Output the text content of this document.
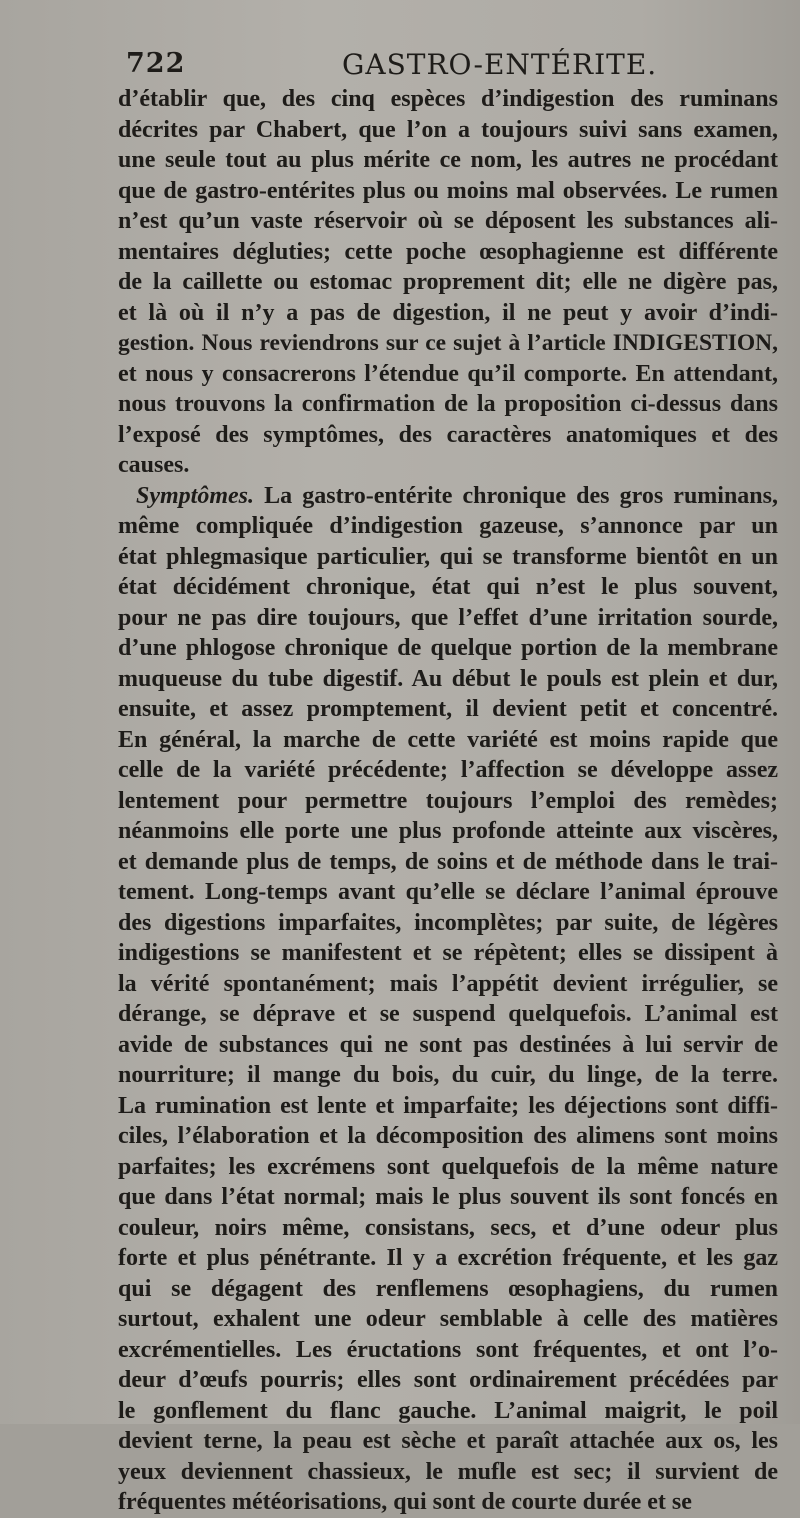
722	GASTRO-ENTÉRITE.
d’établir que, des cinq espèces d’indigestion des ruminans
décrites par Chabert, que l’on a toujours suivi sans examen,
une seule tout au plus mérite ce nom, les autres ne procédant
que de gastro-entérites plus ou moins mal observées. Le rumen
n’est qu’un vaste réservoir où se déposent les substances ali-
mentaires dégluties; cette poche œsophagienne est différente
de la caillette ou estomac proprement dit; elle ne digère pas,
et là où il n’y a pas de digestion, il ne peut y avoir d’indi-
gestion. Nous reviendrons sur ce sujet à l’article INDIGESTION,
et nous y consacrerons l’étendue qu’il comporte. En attendant,
nous trouvons la confirmation de la proposition ci-dessus dans
l’exposé des symptômes, des caractères anatomiques et des
causes.
Symptômes. La gastro-entérite chronique des gros ruminans,
même compliquée d’indigestion gazeuse, s’annonce par un
état phlegmasique particulier, qui se transforme bientôt en un
état décidément chronique, état qui n’est le plus souvent,
pour ne pas dire toujours, que l’effet d’une irritation sourde,
d’une phlogose chronique de quelque portion de la membrane
muqueuse du tube digestif. Au début le pouls est plein et dur,
ensuite, et assez promptement, il devient petit et concentré.
En général, la marche de cette variété est moins rapide que
celle de la variété précédente; l’affection se développe assez
lentement pour permettre toujours l’emploi des remèdes;
néanmoins elle porte une plus profonde atteinte aux viscères,
et demande plus de temps, de soins et de méthode dans le trai-
tement. Long-temps avant qu’elle se déclare l’animal éprouve
des digestions imparfaites, incomplètes; par suite, de légères
indigestions se manifestent et se répètent; elles se dissipent à
la vérité spontanément; mais l’appétit devient irrégulier, se
dérange, se déprave et se suspend quelquefois. L’animal est
avide de substances qui ne sont pas destinées à lui servir de
nourriture; il mange du bois, du cuir, du linge, de la terre.
La rumination est lente et imparfaite; les déjections sont diffi-
ciles, l’élaboration et la décomposition des alimens sont moins
parfaites; les excrémens sont quelquefois de la même nature
que dans l’état normal; mais le plus souvent ils sont foncés en
couleur, noirs même, consistans, secs, et d’une odeur plus
forte et plus pénétrante. Il y a excrétion fréquente, et les gaz
qui se dégagent des renflemens œsophagiens, du rumen
surtout, exhalent une odeur semblable à celle des matières
excrémentielles. Les éructations sont fréquentes, et ont l’o-
deur d’œufs pourris; elles sont ordinairement précédées par
le gonflement du flanc gauche. L’animal maigrit, le poil
devient terne, la peau est sèche et paraît attachée aux os, les
yeux deviennent chassieux, le mufle est sec; il survient de
fréquentes météorisations, qui sont de courte durée et se
